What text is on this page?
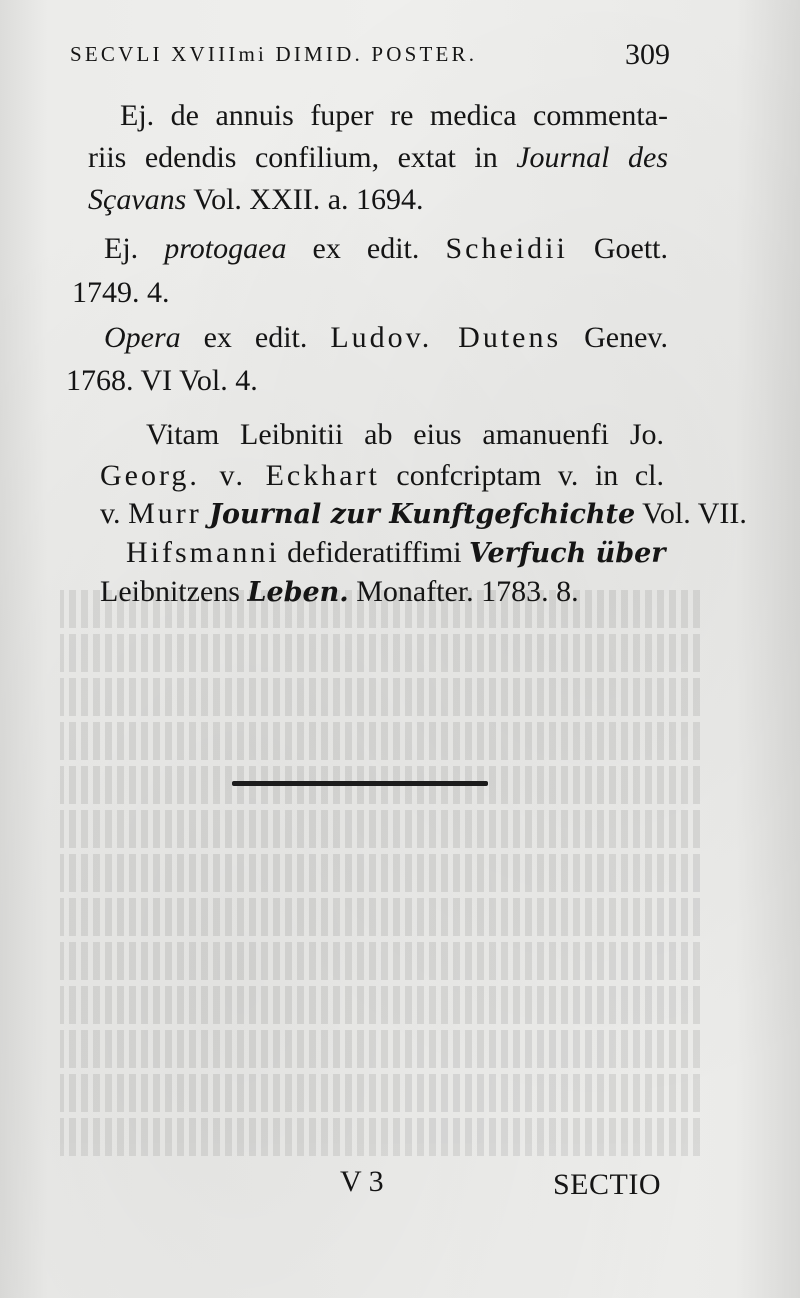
SECVLI XVIIImi DIMID. POSTER.	309
Ej. de annuis fuper re medica commenta-
riis edendis confilium, extat in Journal des
Sçavans Vol. XXII. a. 1694.
Ej. protogaea ex edit. Scheidii Goett.
1749. 4.
Opera ex edit. Ludov. Dutens Genev.
1768. VI Vol. 4.
Vitam Leibnitii ab eius amanuenfi Jo.
Georg. v. Eckhart confcriptam v. in cl.
v. Murr Journal zur Kunftgefchichte Vol. VII.
Hifsmanni defideratiffimi Verfuch über
Leibnitzens Leben. Monafter. 1783. 8.
V 3	SECTIO
